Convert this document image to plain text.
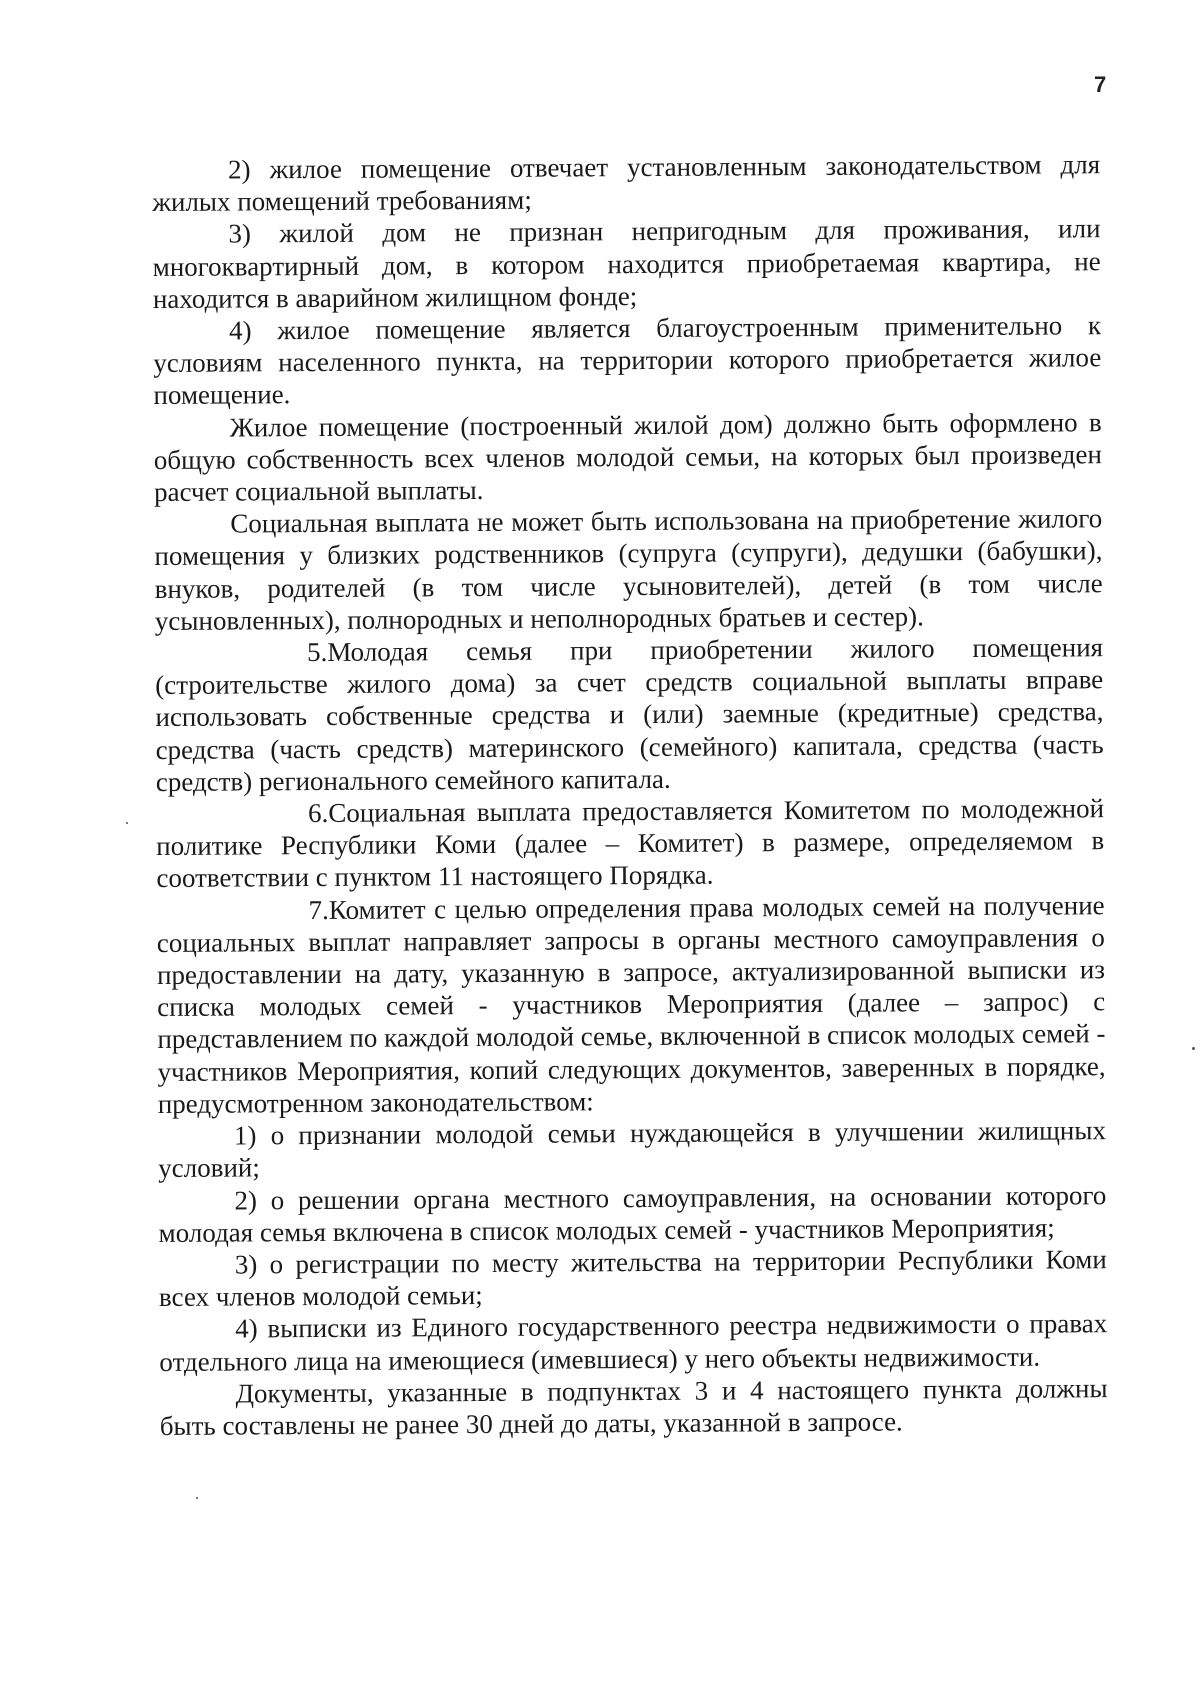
7

2) жилое помещение отвечает установленным законодательством для жилых помещений требованиям;

3) жилой дом не признан непригодным для проживания, или многоквартирный дом, в котором находится приобретаемая квартира, не находится в аварийном жилищном фонде;

4) жилое помещение является благоустроенным применительно к условиям населенного пункта, на территории которого приобретается жилое помещение.

Жилое помещение (построенный жилой дом) должно быть оформлено в общую собственность всех членов молодой семьи, на которых был произведен расчет социальной выплаты.

Социальная выплата не может быть использована на приобретение жилого помещения у близких родственников (супруга (супруги), дедушки (бабушки), внуков, родителей (в том числе усыновителей), детей (в том числе усыновленных), полнородных и неполнородных братьев и сестер).

5.Молодая семья при приобретении жилого помещения (строительстве жилого дома) за счет средств социальной выплаты вправе использовать собственные средства и (или) заемные (кредитные) средства, средства (часть средств) материнского (семейного) капитала, средства (часть средств) регионального семейного капитала.

6.Социальная выплата предоставляется Комитетом по молодежной политике Республики Коми (далее – Комитет) в размере, определяемом в соответствии с пунктом 11 настоящего Порядка.

7.Комитет с целью определения права молодых семей на получение социальных выплат направляет запросы в органы местного самоуправления о предоставлении на дату, указанную в запросе, актуализированной выписки из списка молодых семей - участников Мероприятия (далее – запрос) с представлением по каждой молодой семье, включенной в список молодых семей - участников Мероприятия, копий следующих документов, заверенных в порядке, предусмотренном законодательством:

1) о признании молодой семьи нуждающейся в улучшении жилищных условий;

2) о решении органа местного самоуправления, на основании которого молодая семья включена в список молодых семей - участников Мероприятия;

3) о регистрации по месту жительства на территории Республики Коми всех членов молодой семьи;

4) выписки из Единого государственного реестра недвижимости о правах отдельного лица на имеющиеся (имевшиеся) у него объекты недвижимости.

Документы, указанные в подпунктах 3 и 4 настоящего пункта должны быть составлены не ранее 30 дней до даты, указанной в запросе.
